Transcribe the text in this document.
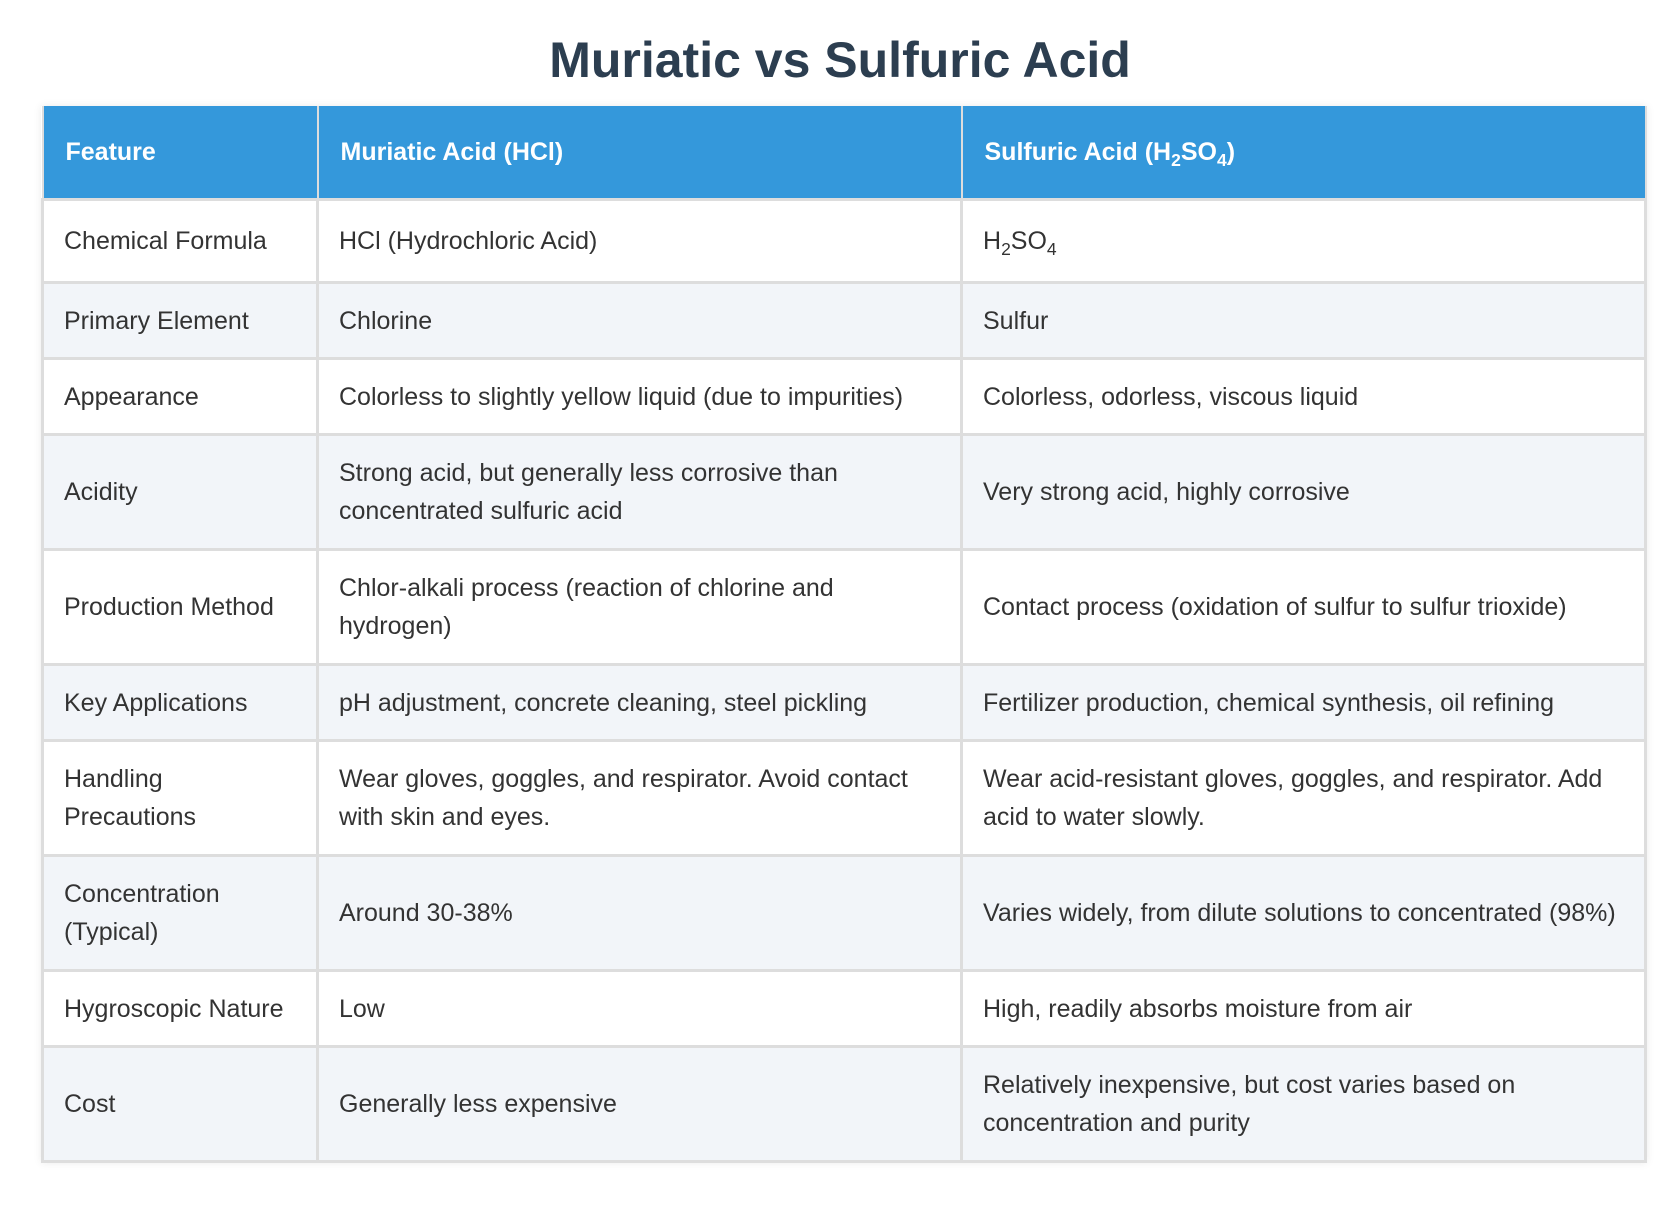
Muriatic vs Sulfuric Acid
Feature	Muriatic Acid (HCl)	Sulfuric Acid $(H_2SO_4)$
Chemical Formula	HCl (Hydrochloric Acid)	$H_2SO_4$
Primary Element	Chlorine	Sulfur
Appearance	Colorless to slightly yellow liquid (due to impurities)	Colorless, odorless, viscous liquid
Acidity	Strong acid, but generally less corrosive than concentrated sulfuric acid	Very strong acid, highly corrosive
Production Method	Chlor-alkali process (reaction of chlorine and hydrogen)	Contact process (oxidation of sulfur to sulfur trioxide)
Key Applications	pH adjustment, concrete cleaning, steel pickling	Fertilizer production, chemical synthesis, oil refining
Handling Precautions	Wear gloves, goggles, and respirator. Avoid contact with skin and eyes.	Wear acid-resistant gloves, goggles, and respirator. Add acid to water slowly.
Concentration (Typical)	Around 30-38%	Varies widely, from dilute solutions to concentrated (98%)
Hygroscopic Nature	Low	High, readily absorbs moisture from air
Cost	Generally less expensive	Relatively inexpensive, but cost varies based on concentration and purity
